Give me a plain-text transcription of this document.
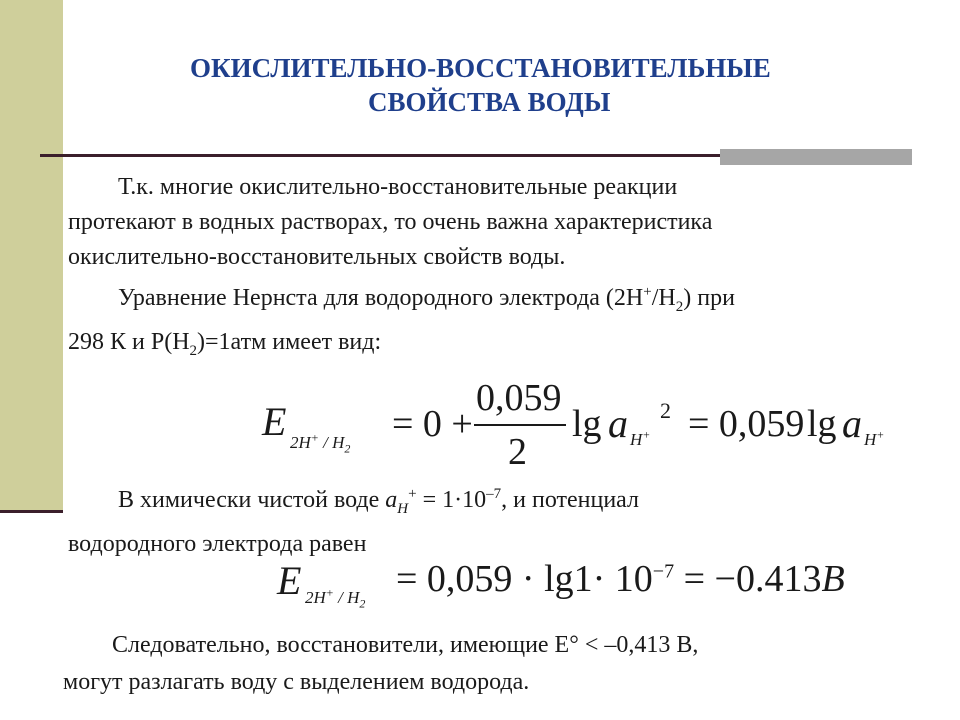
ОКИСЛИТЕЛЬНО-ВОССТАНОВИТЕЛЬНЫЕ
СВОЙСТВА ВОДЫ
Т.к. многие окислительно-восстановительные реакции
протекают в водных растворах, то очень важна характеристика
окислительно-восстановительных свойств воды.
Уравнение Нернста для водородного электрода $(2H^+/H_2)$ при
298 К и $Р(Н_2)=1атм$ имеет вид:
E $2H^+ / H_2$
= 0 +
0,059
2
lg a H+
2 = 0,059 lg a H+
В химически чистой воде $a_H^+ = 1\cdot 10^{-7}$, и потенциал
водородного электрода равен
E $2H^+ / H_2$
= $0,059 \cdot \lg 1\cdot 10^{-7} = -0.413B$
Следовательно, восстановители, имеющие Е° < –0,413 В,
могут разлагать воду с выделением водорода.
